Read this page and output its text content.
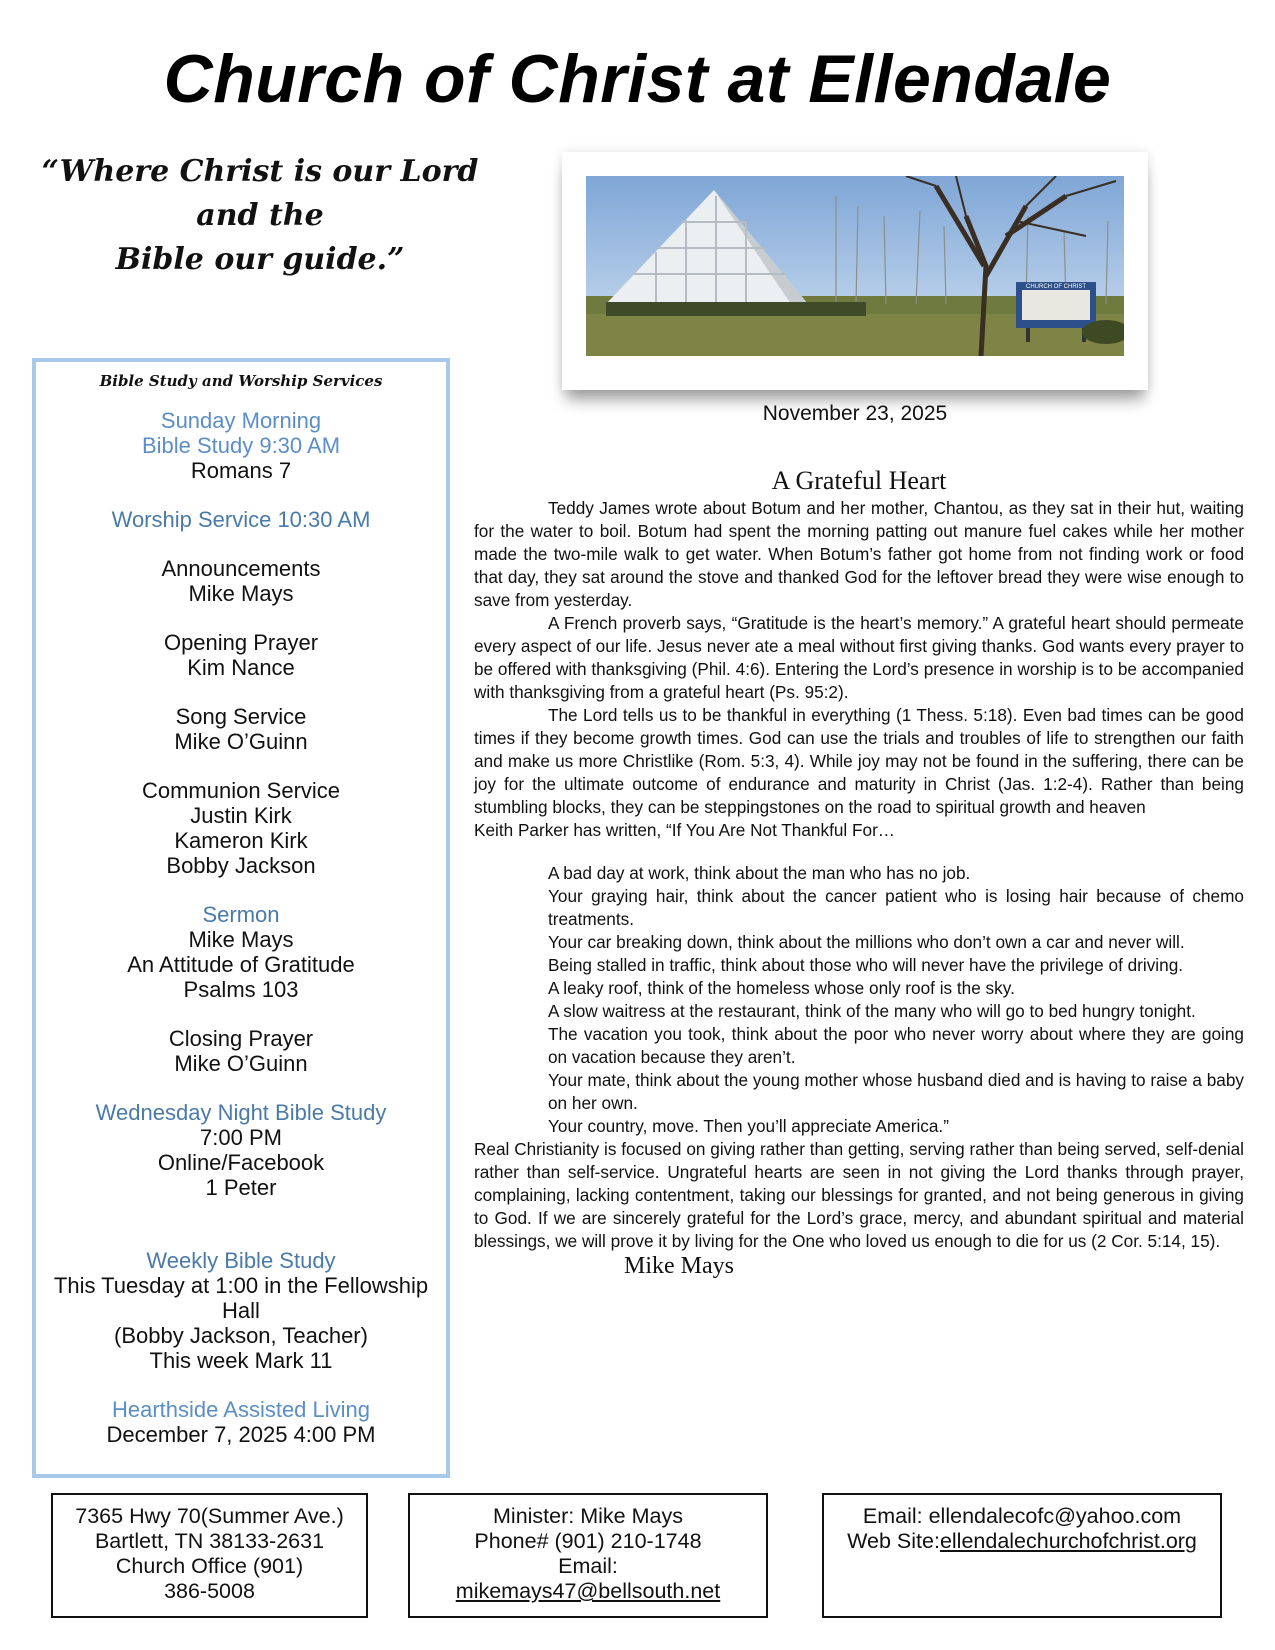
Church of Christ at Ellendale
“Where Christ is our Lord and the
Bible our guide.”
CHURCH OF CHRIST
November 23, 2025
Bible Study and Worship Services
Sunday Morning
Bible Study 9:30 AM
Romans 7
Worship Service 10:30 AM
Announcements
Mike Mays
Opening Prayer
Kim Nance
Song Service
Mike O’Guinn
Communion Service
Justin Kirk
Kameron Kirk
Bobby Jackson
Sermon
Mike Mays
An Attitude of Gratitude
Psalms 103
Closing Prayer
Mike O’Guinn
Wednesday Night Bible Study
7:00 PM
Online/Facebook
1 Peter
Weekly Bible Study
This Tuesday at 1:00 in the Fellowship
Hall
(Bobby Jackson, Teacher)
This week Mark 11
Hearthside Assisted Living
December 7, 2025 4:00 PM
A Grateful Heart

Teddy James wrote about Botum and her mother, Chantou, as they sat in their hut, waiting for the water to boil. Botum had spent the morning patting out manure fuel cakes while her mother made the two-mile walk to get water. When Botum’s father got home from not finding work or food that day, they sat around the stove and thanked God for the leftover bread they were wise enough to save from yesterday.

A French proverb says, “Gratitude is the heart’s memory.” A grateful heart should permeate every aspect of our life. Jesus never ate a meal without first giving thanks. God wants every prayer to be offered with thanksgiving (Phil. 4:6). Entering the Lord’s presence in worship is to be accompanied with thanksgiving from a grateful heart (Ps. 95:2).

The Lord tells us to be thankful in everything (1 Thess. 5:18). Even bad times can be good times if they become growth times. God can use the trials and troubles of life to strengthen our faith and make us more Christlike (Rom. 5:3, 4). While joy may not be found in the suffering, there can be joy for the ultimate outcome of endurance and maturity in Christ (Jas. 1:2-4). Rather than being stumbling blocks, they can be steppingstones on the road to spiritual growth and heaven

Keith Parker has written, “If You Are Not Thankful For…

A bad day at work, think about the man who has no job.
Your graying hair, think about the cancer patient who is losing hair because of chemo treatments.
Your car breaking down, think about the millions who don’t own a car and never will.
Being stalled in traffic, think about those who will never have the privilege of driving.
A leaky roof, think of the homeless whose only roof is the sky.
A slow waitress at the restaurant, think of the many who will go to bed hungry tonight.
The vacation you took, think about the poor who never worry about where they are going on vacation because they aren’t.
Your mate, think about the young mother whose husband died and is having to raise a baby on her own.
Your country, move. Then you’ll appreciate America.”

Real Christianity is focused on giving rather than getting, serving rather than being served, self-denial rather than self-service. Ungrateful hearts are seen in not giving the Lord thanks through prayer, complaining, lacking contentment, taking our blessings for granted, and not being generous in giving to God. If we are sincerely grateful for the Lord’s grace, mercy, and abundant spiritual and material blessings, we will prove it by living for the One who loved us enough to die for us (2 Cor. 5:14, 15).

Mike Mays
7365 Hwy 70(Summer Ave.)
Bartlett, TN 38133-2631
Church Office (901)
386-5008
Minister: Mike Mays
Phone# (901) 210-1748
Email:
mikemays47@bellsouth.net
Email: ellendalecofc@yahoo.com
Web Site:ellendalechurchofchrist.org
